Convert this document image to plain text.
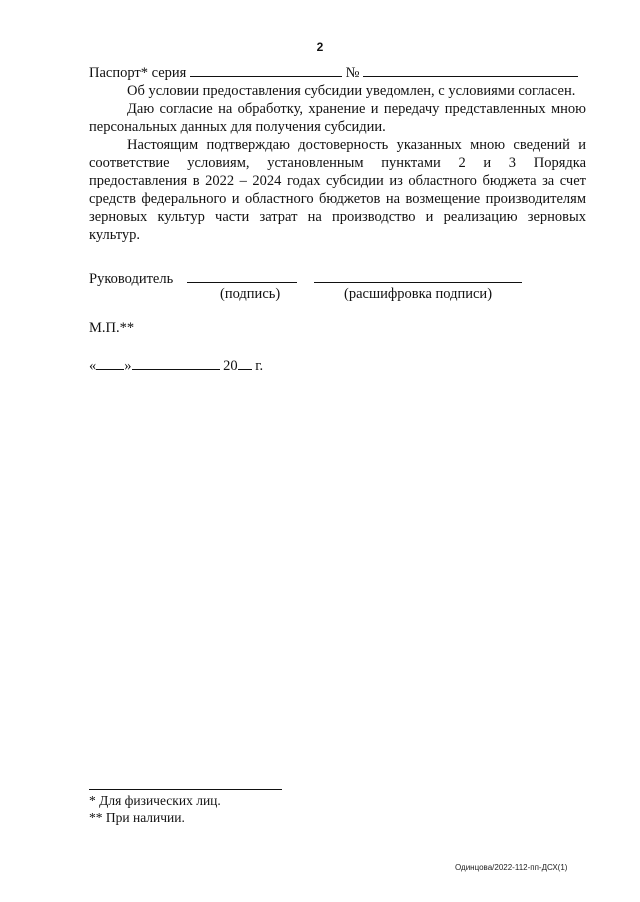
2
Паспорт* серия	№

Об условии предоставления субсидии уведомлен, с условиями согласен.

Даю согласие на обработку, хранение и передачу представленных мною персональных данных для получения субсидии.

Настоящим подтверждаю достоверность указанных мною сведений и соответствие условиям, установленным пунктами 2 и 3 Порядка предоставления в 2022 – 2024 годах субсидии из областного бюджета за счет средств федерального и областного бюджетов на возмещение производителям зерновых культур части затрат на производство и реализацию зерновых культур.

Руководитель
(подпись)	(расшифровка подписи)
М.П.**
« »	20 г.
* Для физических лиц.
** При наличии.
Одинцова/2022-112-пп-ДСХ(1)
